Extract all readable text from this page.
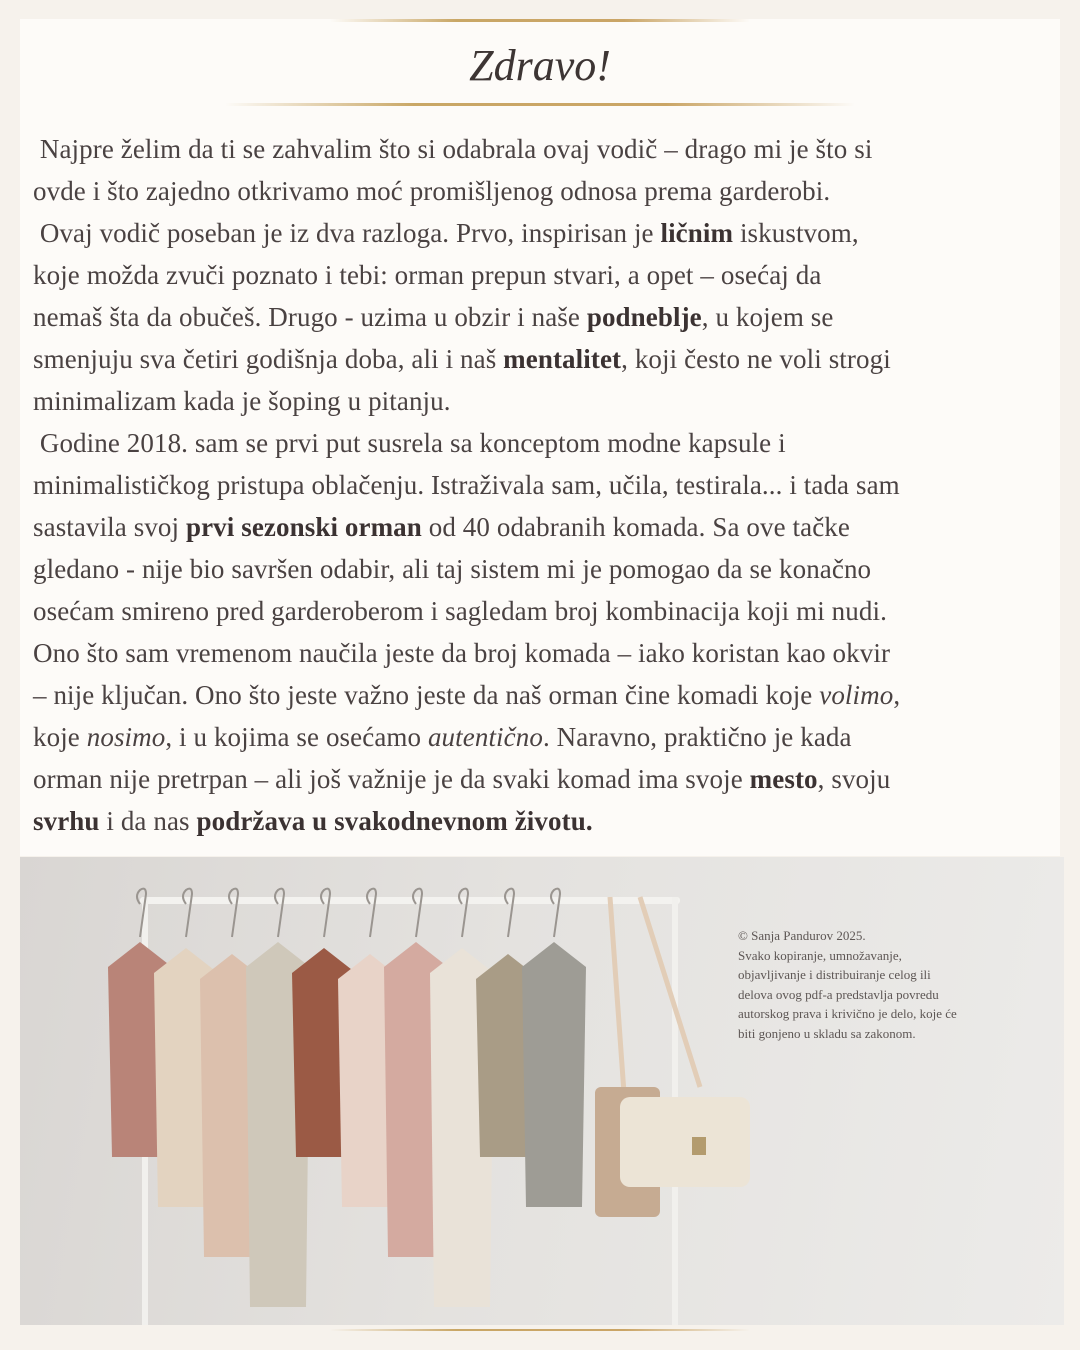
Zdravo!
Najpre želim da ti se zahvalim što si odabrala ovaj vodič – drago mi je što si
ovde i što zajedno otkrivamo moć promišljenog odnosa prema garderobi.
Ovaj vodič poseban je iz dva razloga. Prvo, inspirisan je ličnim iskustvom,
koje možda zvuči poznato i tebi: orman prepun stvari, a opet – osećaj da
nemaš šta da obučeš. Drugo - uzima u obzir i naše podneblje, u kojem se
smenjuju sva četiri godišnja doba, ali i naš mentalitet, koji često ne voli strogi
minimalizam kada je šoping u pitanju.
Godine 2018. sam se prvi put susrela sa konceptom modne kapsule i
minimalističkog pristupa oblačenju. Istraživala sam, učila, testirala... i tada sam
sastavila svoj prvi sezonski orman od 40 odabranih komada. Sa ove tačke
gledano - nije bio savršen odabir, ali taj sistem mi je pomogao da se konačno
osećam smireno pred garderoberom i sagledam broj kombinacija koji mi nudi.
Ono što sam vremenom naučila jeste da broj komada – iako koristan kao okvir
– nije ključan. Ono što jeste važno jeste da naš orman čine komadi koje volimo,
koje nosimo, i u kojima se osećamo autentično. Naravno, praktično je kada
orman nije pretrpan – ali još važnije je da svaki komad ima svoje mesto, svoju
svrhu i da nas podržava u svakodnevnom životu.
© Sanja Pandurov 2025.
Svako kopiranje, umnožavanje,
objavljivanje i distribuiranje celog ili
delova ovog pdf-a predstavlja povredu
autorskog prava i krivično je delo, koje će
biti gonjeno u skladu sa zakonom.
